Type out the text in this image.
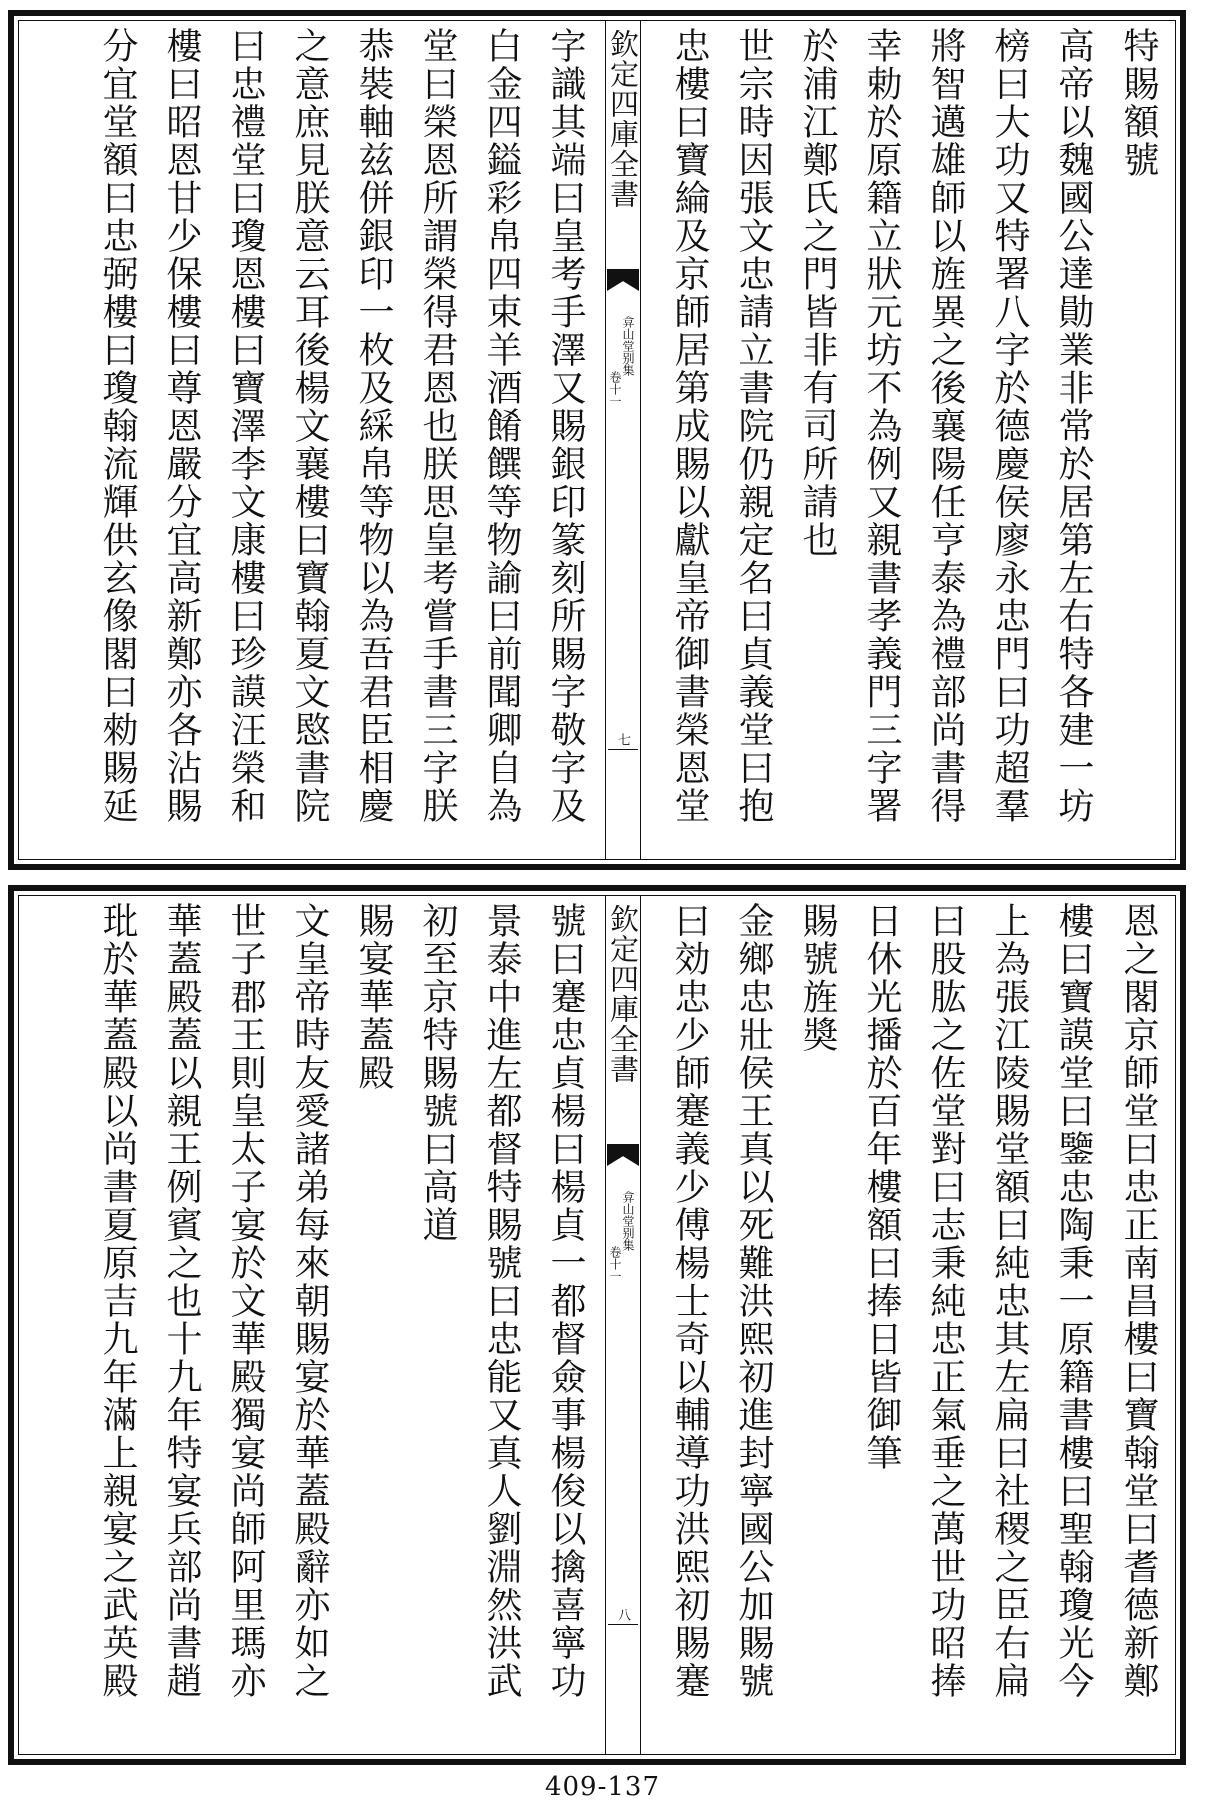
特賜額號
高帝以魏國公達勛業非常於居第左右特各建一坊
榜曰大功又特署八字於德慶侯廖永忠門曰功超羣
將智邁雄師以旌異之後襄陽任亨泰為禮部尚書得
幸勅於原籍立狀元坊不為例又親書孝義門三字署
於浦江鄭氏之門皆非有司所請也
世宗時因張文忠請立書院仍親定名曰貞義堂曰抱
忠樓曰寶綸及京師居第成賜以獻皇帝御書榮恩堂
欽定四庫全書
弇山堂别集
卷十一
七
字識其端曰皇考手澤又賜銀印篆刻所賜字敬字及
白金四鎰彩帛四束羊酒餚饌等物諭曰前聞卿自為
堂曰榮恩所謂榮得君恩也朕思皇考嘗手書三字朕
恭裝軸兹併銀印一枚及綵帛等物以為吾君臣相慶
之意庶見朕意云耳後楊文襄樓曰寶翰夏文愍書院
曰忠禮堂曰瓊恩樓曰寶澤李文康樓曰珍謨汪榮和
樓曰昭恩甘少保樓曰尊恩嚴分宜高新鄭亦各沾賜
分宜堂額曰忠弼樓曰瓊翰流輝供玄像閣曰勑賜延
恩之閣京師堂曰忠正南昌樓曰寶翰堂曰耆德新鄭
樓曰寶謨堂曰鑒忠陶秉一原籍書樓曰聖翰瓊光今
上為張江陵賜堂額曰純忠其左扁曰社稷之臣右扁
曰股肱之佐堂對曰志秉純忠正氣垂之萬世功昭捧
日休光播於百年樓額曰捧日皆御筆
賜號旌奬
金鄉忠壯侯王真以死難洪熙初進封寧國公加賜號
曰効忠少師蹇義少傅楊士奇以輔導功洪熙初賜蹇
欽定四庫全書
弇山堂别集
卷十一
八
號曰蹇忠貞楊曰楊貞一都督僉事楊俊以擒喜寧功
景泰中進左都督特賜號曰忠能又真人劉淵然洪武
初至京特賜號曰高道
賜宴華蓋殿
文皇帝時友愛諸弟每來朝賜宴於華蓋殿辭亦如之
世子郡王則皇太子宴於文華殿獨宴尚師阿里瑪亦
華蓋殿蓋以親王例賓之也十九年特宴兵部尚書趙
玭於華蓋殿以尚書夏原吉九年滿上親宴之武英殿
409-137
